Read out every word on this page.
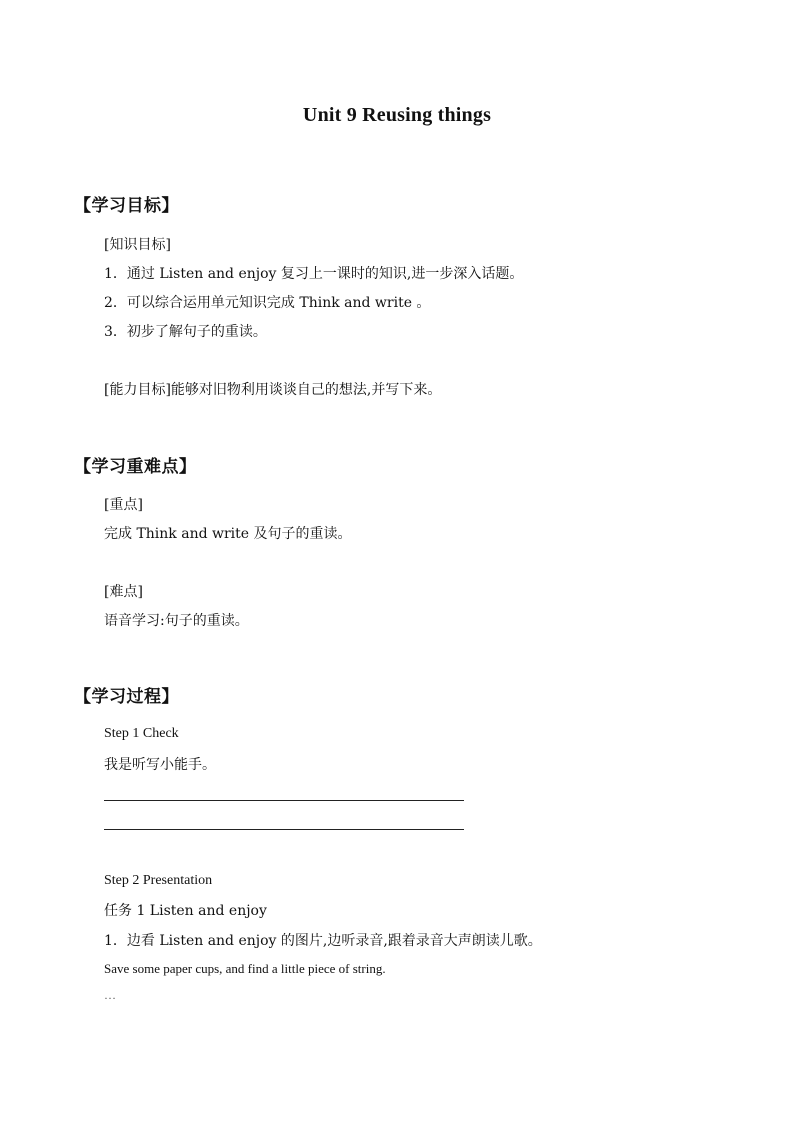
Unit 9 Reusing things
【学习目标】
[知识目标]
1．通过 Listen and enjoy 复习上一课时的知识,进一步深入话题。
2．可以综合运用单元知识完成 Think and write 。
3．初步了解句子的重读。
[能力目标]能够对旧物利用谈谈自己的想法,并写下来。
【学习重难点】
[重点]
完成 Think and write 及句子的重读。
[难点]
语音学习:句子的重读。
【学习过程】
Step 1 Check
我是听写小能手。
Step 2 Presentation
任务 1 Listen and enjoy
1．边看 Listen and enjoy 的图片,边听录音,跟着录音大声朗读儿歌。
Save some paper cups, and find a little piece of string.
…
